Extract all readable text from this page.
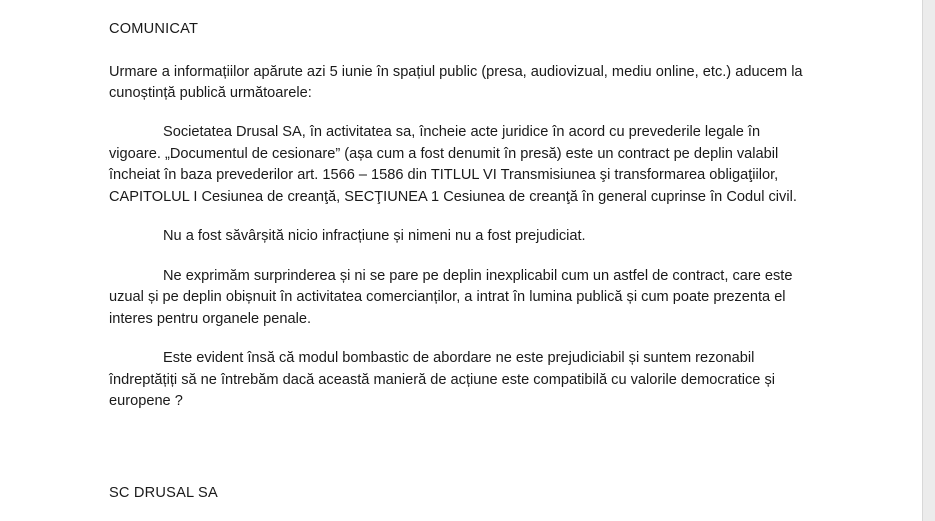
COMUNICAT

Urmare a informațiilor apărute azi 5 iunie în spațiul public (presa, audiovizual, mediu online, etc.) aducem la cunoștință publică următoarele:

Societatea Drusal SA, în activitatea sa, încheie acte juridice în acord cu prevederile legale în vigoare. „Documentul de cesionare” (așa cum a fost denumit în presă) este un contract pe deplin valabil încheiat în baza prevederilor art. 1566 – 1586 din TITLUL VI Transmisiunea şi transformarea obligaţiilor, CAPITOLUL I Cesiunea de creanţă, SECŢIUNEA 1 Cesiunea de creanţă în general cuprinse în Codul civil.

Nu a fost săvârșită nicio infracțiune și nimeni nu a fost prejudiciat.

Ne exprimăm surprinderea și ni se pare pe deplin inexplicabil cum un astfel de contract, care este uzual și pe deplin obișnuit în activitatea comercianților, a intrat în lumina publică și cum poate prezenta el interes pentru organele penale.

Este evident însă că modul bombastic de abordare ne este prejudiciabil și suntem rezonabil îndreptățiți să ne întrebăm dacă această manieră de acțiune este compatibilă cu valorile democratice și europene ?

SC DRUSAL SA
